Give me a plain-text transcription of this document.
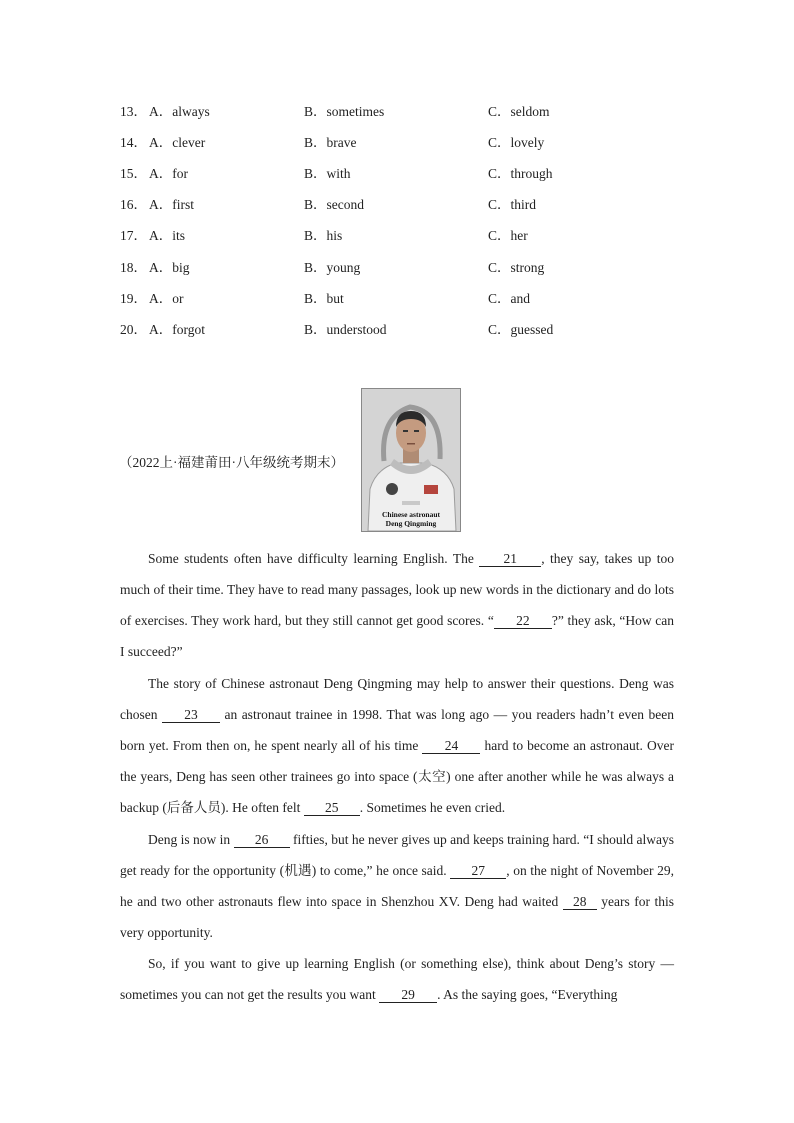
13． A．always	B．sometimes	C．seldom
14． A．clever	B．brave	C．lovely
15． A．for	B．with	C．through
16． A．first	B．second	C．third
17． A．its	B．his	C．her
18． A．big	B．young	C．strong
19． A．or	B．but	C．and
20． A．forgot	B．understood	C．guessed
（2022上·福建莆田·八年级统考期末）
Chinese astronaut
Deng Qingming

Some students often have difficulty learning English. The 21 , they say, takes up too much of their time. They have to read many passages, look up new words in the dictionary and do lots of exercises. They work hard, but they still cannot get good scores. “ 22 ?” they ask, “How can I succeed?”

The story of Chinese astronaut Deng Qingming may help to answer their questions. Deng was chosen 23 an astronaut trainee in 1998. That was long ago — you readers hadn’t even been born yet. From then on, he spent nearly all of his time 24 hard to become an astronaut. Over the years, Deng has seen other trainees go into space (太空) one after another while he was always a backup (后备人员). He often felt 25 . Sometimes he even cried.

Deng is now in 26 fifties, but he never gives up and keeps training hard. “I should always get ready for the opportunity (机遇) to come,” he once said. 27 , on the night of November 29, he and two other astronauts flew into space in Shenzhou XV. Deng had waited 28 years for this very opportunity.

So, if you want to give up learning English (or something else), think about Deng’s story — sometimes you can not get the results you want 29 . As the saying goes, “Everything
